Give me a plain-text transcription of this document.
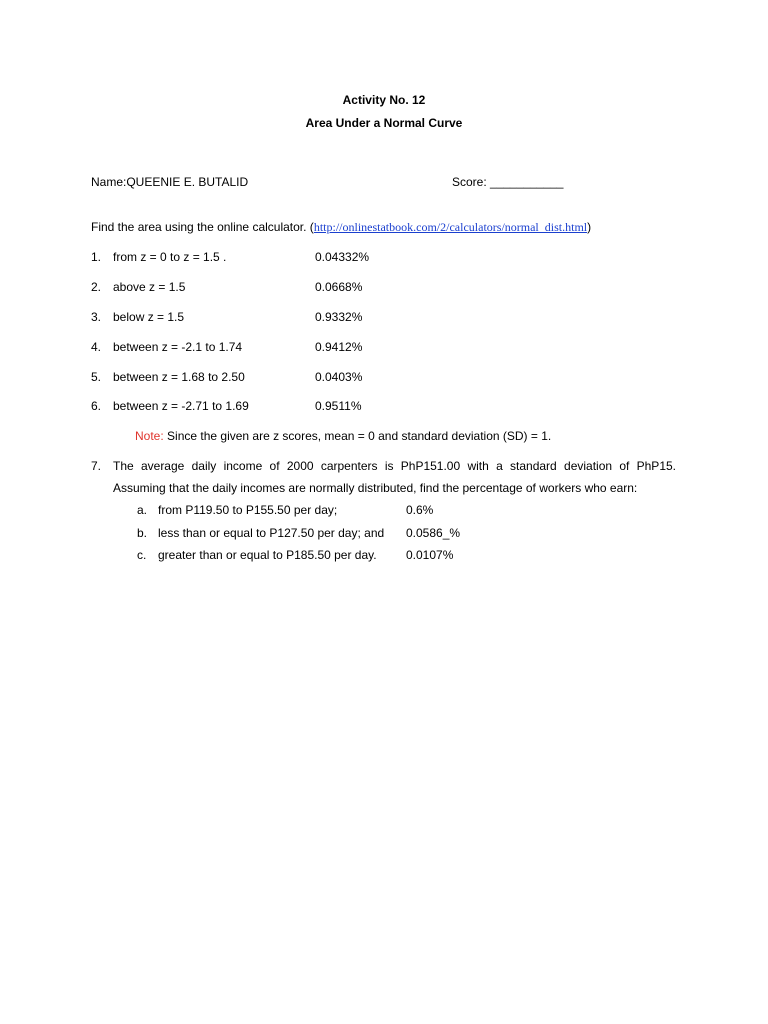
Activity No. 12
Area Under a Normal Curve
Name:QUEENIE E. BUTALID	Score: ___________
Find the area using the online calculator. (http://onlinestatbook.com/2/calculators/normal_dist.html)
1. from z = 0 to z = 1.5 .	0.04332%
2. above z = 1.5	0.0668%
3. below z = 1.5	0.9332%
4. between z = -2.1 to 1.74	0.9412%
5. between z = 1.68 to 2.50	0.0403%
6. between z = -2.71 to 1.69	0.9511%
Note: Since the given are z scores, mean = 0 and standard deviation (SD) = 1.
7. The average daily income of 2000 carpenters is PhP151.00 with a standard deviation of PhP15.
Assuming that the daily incomes are normally distributed, find the percentage of workers who earn:
a. from P119.50 to P155.50 per day;	0.6%
b. less than or equal to P127.50 per day; and 0.0586_%
c. greater than or equal to P185.50 per day. 0.0107%
